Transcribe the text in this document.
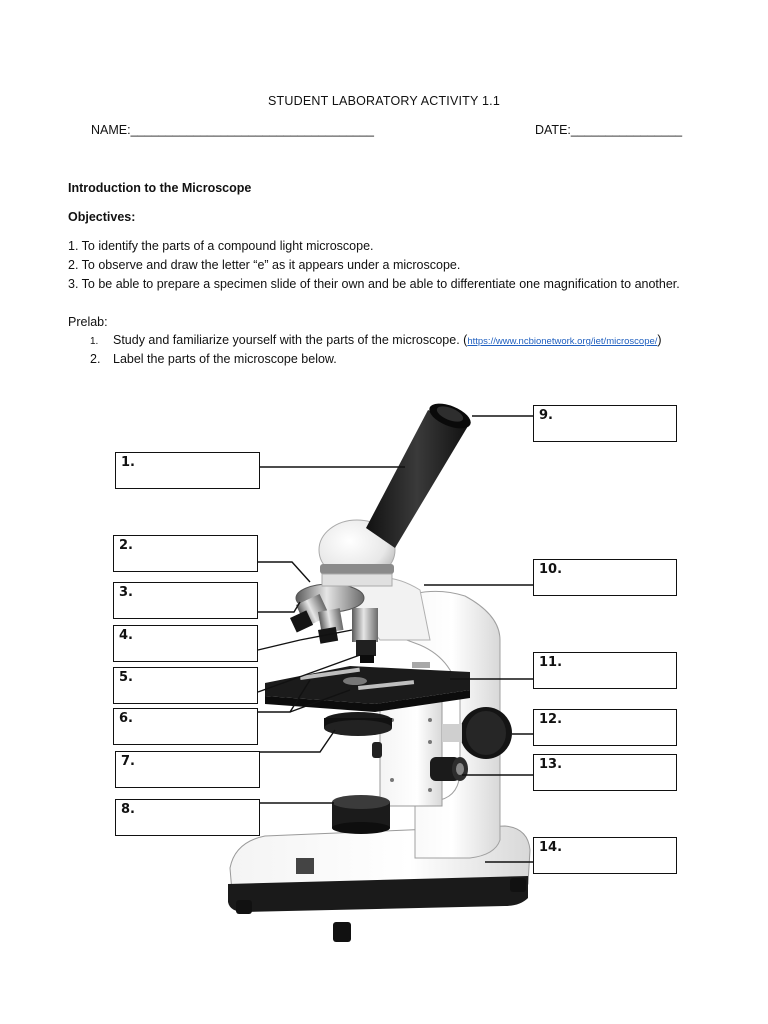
STUDENT LABORATORY ACTIVITY 1.1
NAME:___________________________________	DATE:________________
Introduction to the Microscope
Objectives:
1. To identify the parts of a compound light microscope.
2. To observe and draw the letter “e” as it appears under a microscope.
3. To be able to prepare a specimen slide of their own and be able to differentiate one magnification to another.
Prelab:
1. Study and familiarize yourself with the parts of the microscope. (https://www.ncbionetwork.org/iet/microscope/)
2. Label the parts of the microscope below.
1.
2.
3.
4.
5.
6.
7.
8.
9.
10.
11.
12.
13.
14.
